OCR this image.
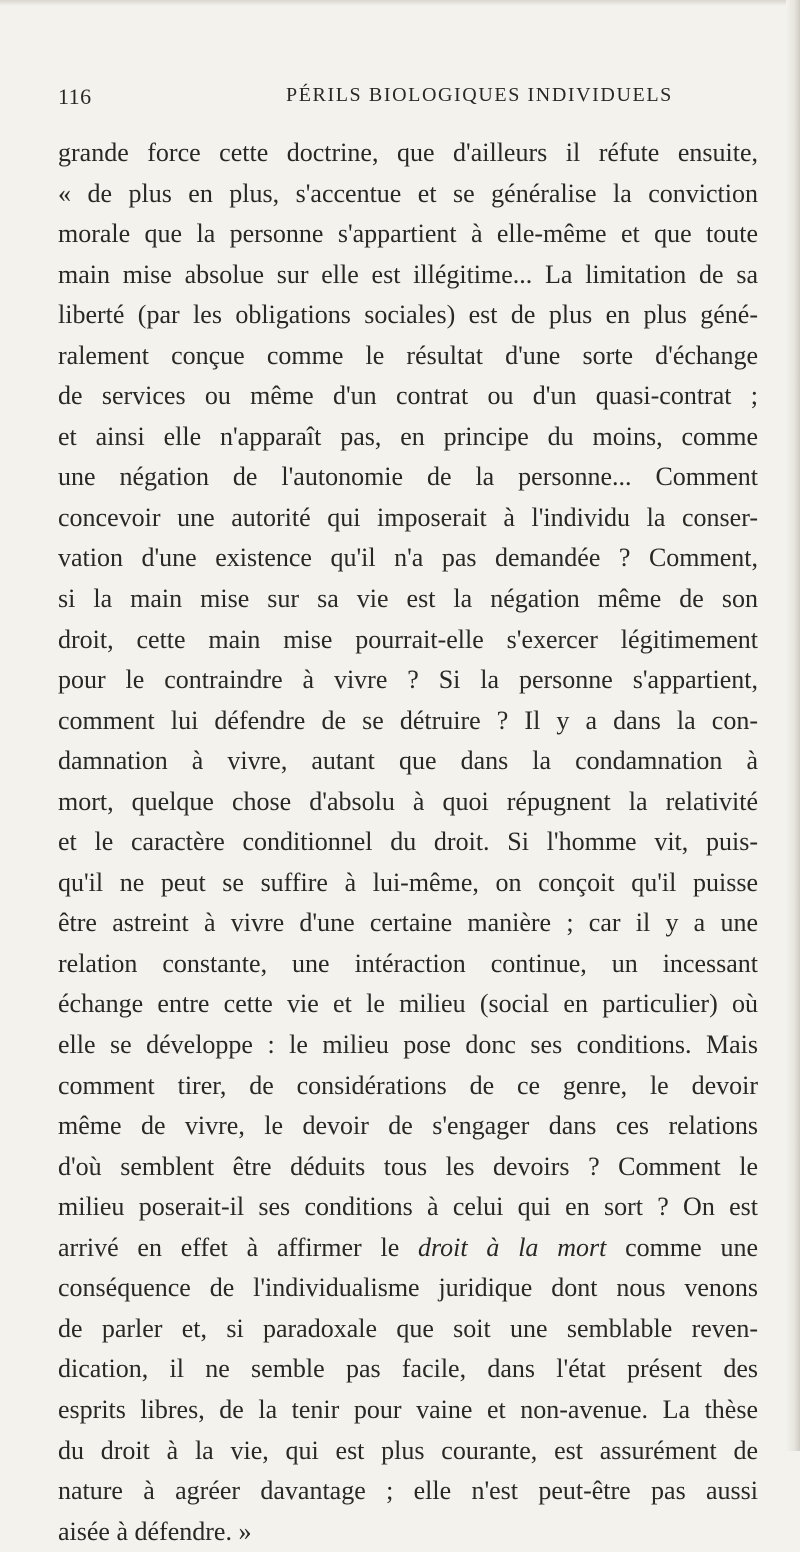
116	PÉRILS BIOLOGIQUES INDIVIDUELS
grande force cette doctrine, que d'ailleurs il réfute ensuite,
« de plus en plus, s'accentue et se généralise la conviction
morale que la personne s'appartient à elle-même et que toute
main mise absolue sur elle est illégitime... La limitation de sa
liberté (par les obligations sociales) est de plus en plus géné-
ralement conçue comme le résultat d'une sorte d'échange
de services ou même d'un contrat ou d'un quasi-contrat ;
et ainsi elle n'apparaît pas, en principe du moins, comme
une négation de l'autonomie de la personne... Comment
concevoir une autorité qui imposerait à l'individu la conser-
vation d'une existence qu'il n'a pas demandée ? Comment,
si la main mise sur sa vie est la négation même de son
droit, cette main mise pourrait-elle s'exercer légitimement
pour le contraindre à vivre ? Si la personne s'appartient,
comment lui défendre de se détruire ? Il y a dans la con-
damnation à vivre, autant que dans la condamnation à
mort, quelque chose d'absolu à quoi répugnent la relativité
et le caractère conditionnel du droit. Si l'homme vit, puis-
qu'il ne peut se suffire à lui-même, on conçoit qu'il puisse
être astreint à vivre d'une certaine manière ; car il y a une
relation constante, une intéraction continue, un incessant
échange entre cette vie et le milieu (social en particulier) où
elle se développe : le milieu pose donc ses conditions. Mais
comment tirer, de considérations de ce genre, le devoir
même de vivre, le devoir de s'engager dans ces relations
d'où semblent être déduits tous les devoirs ? Comment le
milieu poserait-il ses conditions à celui qui en sort ? On est
arrivé en effet à affirmer le droit à la mort comme une
conséquence de l'individualisme juridique dont nous venons
de parler et, si paradoxale que soit une semblable reven-
dication, il ne semble pas facile, dans l'état présent des
esprits libres, de la tenir pour vaine et non-avenue. La thèse
du droit à la vie, qui est plus courante, est assurément de
nature à agréer davantage ; elle n'est peut-être pas aussi
aisée à défendre. »
